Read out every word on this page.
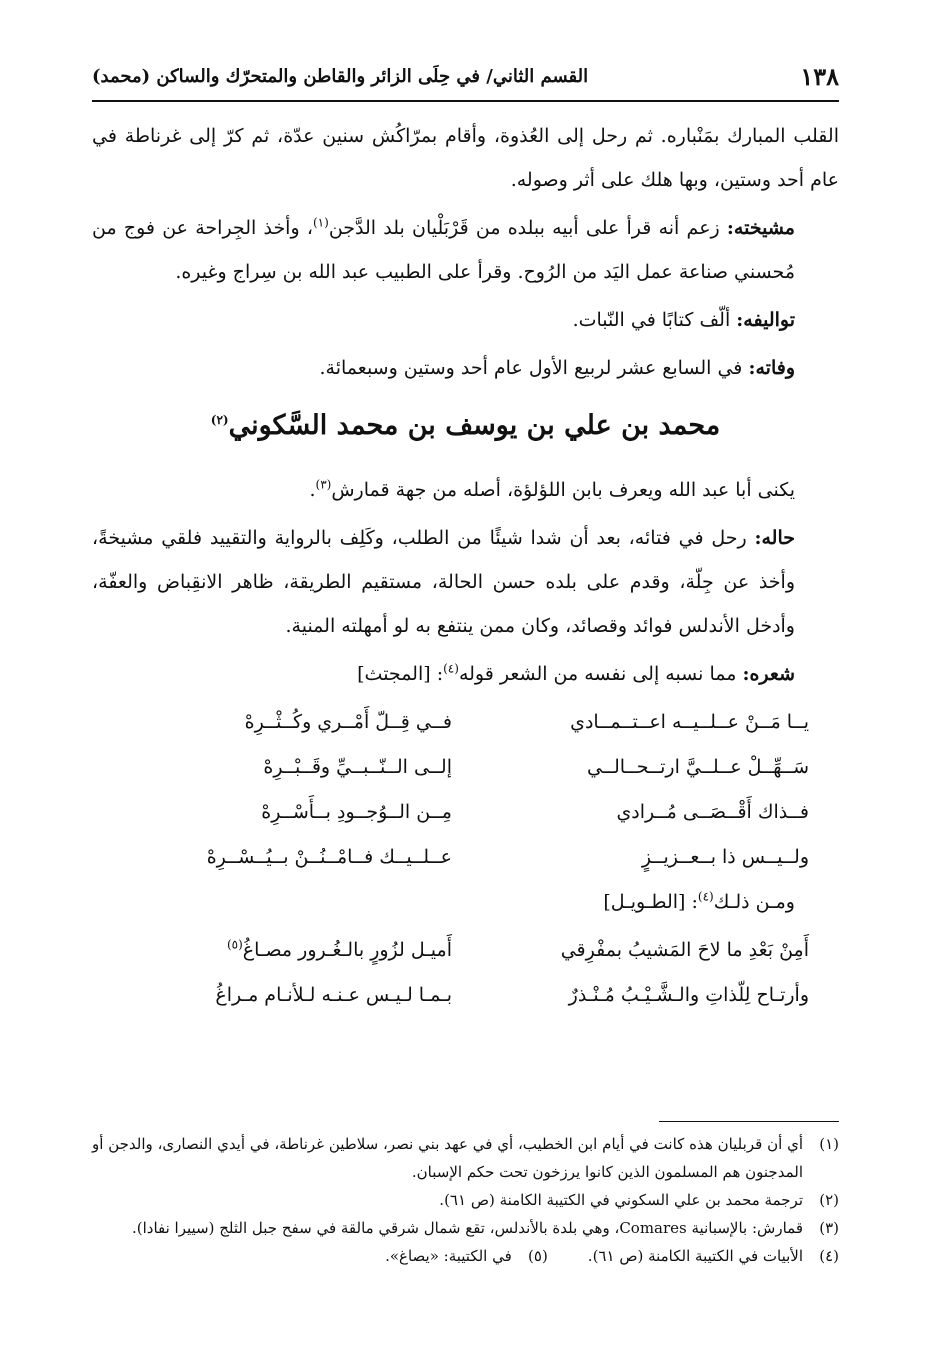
١٣٨
القسم الثاني/ في حِلَى الزائر والقاطن والمتحرّك والساكن (محمد)

القلب المبارك بمَنْباره. ثم رحل إلى العُذوة، وأقام بمرّاكُش سنين عدّة، ثم كرّ إلى غرناطة في عام أحد وستين، وبها هلك على أثر وصوله.

مشيخته: زعم أنه قرأ على أبيه ببلده من قَرْبَلْيان بلد الدَّجن$^{(١)}$، وأخذ الجِراحة عن فوج من مُحسني صناعة عمل اليَد من الرُوح. وقرأ على الطبيب عبد الله بن سِراج وغيره.

تواليفه: ألّف كتابًا في النّبات.

وفاته: في السابع عشر لربيع الأول عام أحد وستين وسبعمائة.

محمد بن علي بن يوسف بن محمد السَّكوني$^{(٢)}$

يكنى أبا عبد الله ويعرف بابن اللؤلؤة، أصله من جهة قمارش$^{(٣)}$.

حاله: رحل في فتائه، بعد أن شدا شيئًا من الطلب، وكَلِف بالرواية والتقييد فلقي مشيخةً، وأخذ عن جِلّة، وقدم على بلده حسن الحالة، مستقيم الطريقة، ظاهر الانقِباض والعفّة، وأدخل الأندلس فوائد وقصائد، وكان ممن ينتفع به لو أمهلته المنية.

شعره: مما نسبه إلى نفسه من الشعر قوله$^{(٤)}$: [المجتث]

يــا مَــنْ عــلــيــه اعــتــمــادي
فــي قِــلّ أَمْــري وكُــثْــرِهْ
سَــهِّــلْ عــلــيَّ ارتــحــالــي
إلــى الــنّــبــيِّ وقَــبْــرِهْ
فــذاك أَقْــصَــى مُــرادي
مِــن الــوُجــودِ بــأَسْــرِهْ
ولــيــس ذا بــعــزيــزٍ
عــلــيــك فــامْــنُــنْ بــيُــسْــرِهْ

ومـن ذلـك$^{(٤)}$: [الطـويـل]

أَمِنْ بَعْدِ ما لاحَ المَشيبُ بمفْرِقي
أَميـل لزُورٍ بالـغُـرور مصـاغُ$^{(٥)}$
وأرتـاح لِلّذاتِ والـشَّـيْـبُ مُـنْـذرٌ
بـمـا لـيـس عـنـه لـلأنـام مـراغُ
(١)
أي أن قربليان هذه كانت في أيام ابن الخطيب، أي في عهد بني نصر، سلاطين غرناطة، في أيدي النصارى، والدجن أو المدجنون هم المسلمون الذين كانوا يرزخون تحت حكم الإسبان.
(٢)
ترجمة محمد بن علي السكوني في الكتيبة الكامنة (ص ٦١).
(٣)
قمارش: بالإسبانية Comares، وهي بلدة بالأندلس، تقع شمال شرقي مالقة في سفح جبل الثلج (سييرا نفادا).
(٤)
الأبيات في الكتيبة الكامنة (ص ٦١).
(٥)
في الكتيبة: «يصاغ».
